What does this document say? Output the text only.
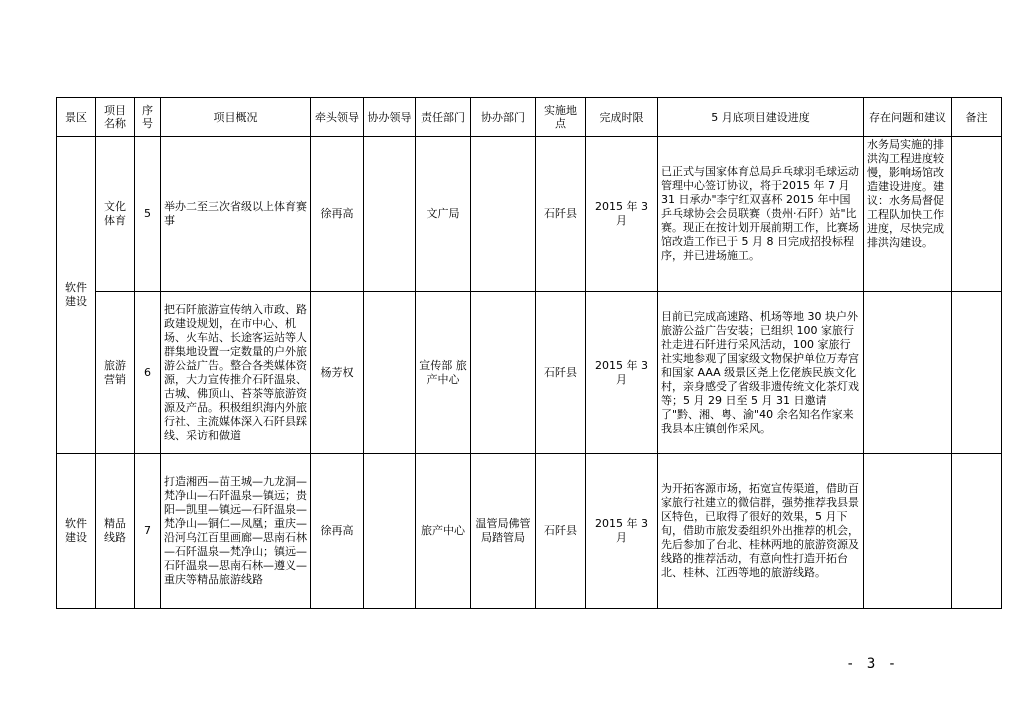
景区	项目名称	序号	项目概况	牵头领导	协办领导	责任部门	协办部门	实施地点	完成时限	5 月底项目建设进度	存在问题和建议	备注
软件建设	文化体育	5	举办二至三次省级以上体育赛事	徐再高		文广局		石阡县	2015 年 3 月	已正式与国家体育总局乒乓球羽毛球运动管理中心签订协议，将于2015 年 7 月 31 日承办"李宁红双喜杯 2015 年中国乒乓球协会会员联赛（贵州·石阡）站"比赛。现正在按计划开展前期工作，比赛场馆改造工作已于 5 月 8 日完成招投标程序，并已进场施工。	水务局实施的排洪沟工程进度较慢，影响场馆改造建设进度。建议：水务局督促工程队加快工作进度，尽快完成排洪沟建设。	
	旅游营销	6	把石阡旅游宣传纳入市政、路政建设规划，在市中心、机场、火车站、长途客运站等人群集地设置一定数量的户外旅游公益广告。整合各类媒体资源，大力宣传推介石阡温泉、古城、佛顶山、苔茶等旅游资源及产品。积极组织海内外旅行社、主流媒体深入石阡县踩线、采访和做道	杨芳权		宣传部 旅产中心		石阡县	2015 年 3 月	目前已完成高速路、机场等地 30 块户外旅游公益广告安装；已组织 100 家旅行社走进石阡进行采风活动，100 家旅行社实地参观了国家级文物保护单位万寿宫和国家 AAA 级景区尧上仡佬族民族文化村，亲身感受了省级非遗传统文化茶灯戏等；5 月 29 日至 5 月 31 日邀请了"黔、湘、粤、渝"40 余名知名作家来我县本庄镇创作采风。		
软件建设	精品线路	7	打造湘西—苗王城—九龙洞—梵净山—石阡温泉—镇远；贵阳—凯里—镇远—石阡温泉—梵净山—铜仁—凤凰；重庆—沿河乌江百里画廊—思南石林—石阡温泉—梵净山；镇远—石阡温泉—思南石林—遵义—重庆等精品旅游线路	徐再高		旅产中心	温管局佛管局踏管局	石阡县	2015 年 3 月	为开拓客源市场，拓宽宣传渠道，借助百家旅行社建立的微信群，强势推荐我县景区特色，已取得了很好的效果，5 月下旬，借助市旅发委组织外出推荐的机会，先后参加了台北、桂林两地的旅游资源及线路的推荐活动，有意向性打造开拓台北、桂林、江西等地的旅游线路。		
- 3 -
